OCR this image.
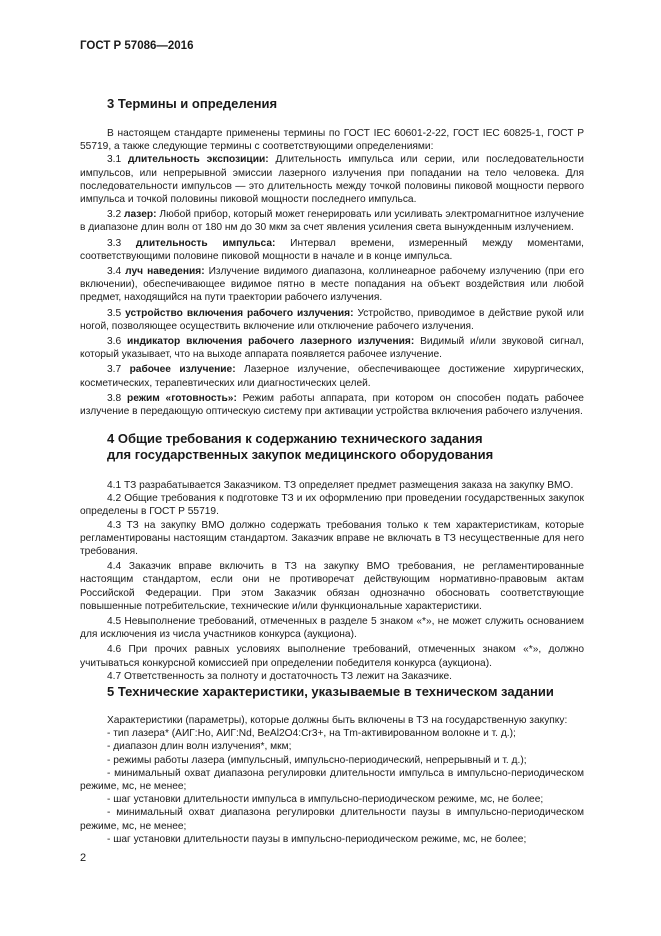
ГОСТ Р 57086—2016
3 Термины и определения

В настоящем стандарте применены термины по ГОСТ IEC 60601-2-22, ГОСТ IEC 60825-1, ГОСТ Р 55719, а также следующие термины с соответствующими определениями:

3.1 длительность экспозиции: Длительность импульса или серии, или последовательности импульсов, или непрерывной эмиссии лазерного излучения при попадании на тело человека. Для последовательности импульсов — это длительность между точкой половины пиковой мощности первого импульса и точкой половины пиковой мощности последнего импульса.

3.2 лазер: Любой прибор, который может генерировать или усиливать электромагнитное излучение в диапазоне длин волн от 180 нм до 30 мкм за счет явления усиления света вынужденным излучением.

3.3 длительность импульса: Интервал времени, измеренный между моментами, соответствующими половине пиковой мощности в начале и в конце импульса.

3.4 луч наведения: Излучение видимого диапазона, коллинеарное рабочему излучению (при его включении), обеспечивающее видимое пятно в месте попадания на объект воздействия или любой предмет, находящийся на пути траектории рабочего излучения.

3.5 устройство включения рабочего излучения: Устройство, приводимое в действие рукой или ногой, позволяющее осуществить включение или отключение рабочего излучения.

3.6 индикатор включения рабочего лазерного излучения: Видимый и/или звуковой сигнал, который указывает, что на выходе аппарата появляется рабочее излучение.

3.7 рабочее излучение: Лазерное излучение, обеспечивающее достижение хирургических, косметических, терапевтических или диагностических целей.

3.8 режим «готовность»: Режим работы аппарата, при котором он способен подать рабочее излучение в передающую оптическую систему при активации устройства включения рабочего излучения.

4 Общие требования к содержанию технического задания
для государственных закупок медицинского оборудования

4.1 ТЗ разрабатывается Заказчиком. ТЗ определяет предмет размещения заказа на закупку ВМО.

4.2 Общие требования к подготовке ТЗ и их оформлению при проведении государственных закупок определены в ГОСТ Р 55719.

4.3 ТЗ на закупку ВМО должно содержать требования только к тем характеристикам, которые регламентированы настоящим стандартом. Заказчик вправе не включать в ТЗ несущественные для него требования.

4.4 Заказчик вправе включить в ТЗ на закупку ВМО требования, не регламентированные настоящим стандартом, если они не противоречат действующим нормативно-правовым актам Российской Федерации. При этом Заказчик обязан однозначно обосновать соответствующие повышенные потребительские, технические и/или функциональные характеристики.

4.5 Невыполнение требований, отмеченных в разделе 5 знаком «*», не может служить основанием для исключения из числа участников конкурса (аукциона).

4.6 При прочих равных условиях выполнение требований, отмеченных знаком «*», должно учитываться конкурсной комиссией при определении победителя конкурса (аукциона).

4.7 Ответственность за полноту и достаточность ТЗ лежит на Заказчике.

5 Технические характеристики, указываемые в техническом задании

Характеристики (параметры), которые должны быть включены в ТЗ на государственную закупку:

- тип лазера* (АИГ:Ho, АИГ:Nd, BeAl2O4:Cr3+, на Tm-активированном волокне и т. д.);

- диапазон длин волн излучения*, мкм;

- режимы работы лазера (импульсный, импульсно-периодический, непрерывный и т. д.);

- минимальный охват диапазона регулировки длительности импульса в импульсно-периодическом режиме, мс, не менее;

- шаг установки длительности импульса в импульсно-периодическом режиме, мс, не более;

- минимальный охват диапазона регулировки длительности паузы в импульсно-периодическом режиме, мс, не менее;

- шаг установки длительности паузы в импульсно-периодическом режиме, мс, не более;

2
